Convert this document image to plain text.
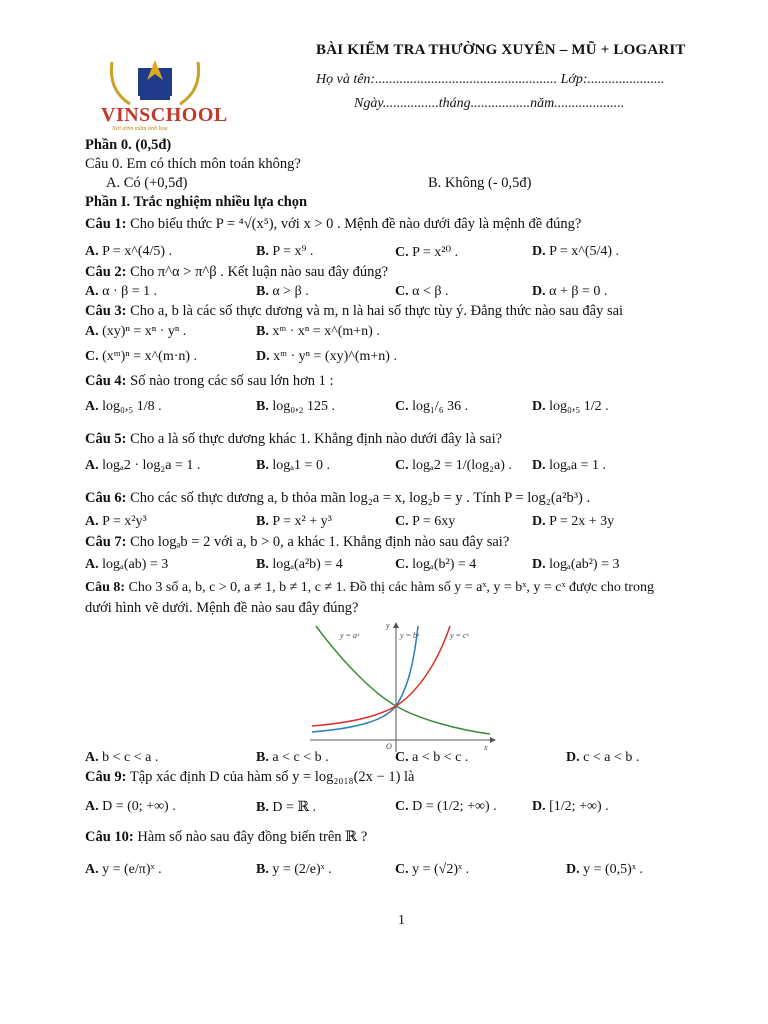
VINSCHOOL
Nơi ươm mầm tinh hoa
BÀI KIỂM TRA THƯỜNG XUYÊN – MŨ + LOGARIT
Họ và tên:.................................................... Lớp:......................
Ngày................tháng.................năm....................
Phần 0. (0,5đ)
Câu 0. Em có thích môn toán không?
A. Có (+0,5đ)	B. Không (- 0,5đ)
Phần I. Trắc nghiệm nhiều lựa chọn
Câu 1: Cho biểu thức P = ⁴√(x⁵), với x > 0 . Mệnh đề nào dưới đây là mệnh đề đúng?
A. P = x^(4/5) .	B. P = x⁹ .	C. P = x²⁰ .	D. P = x^(5/4) .
Câu 2: Cho π^α > π^β . Kết luận nào sau đây đúng?
A. α · β = 1 .	B. α > β .	C. α < β .	D. α + β = 0 .
Câu 3: Cho a, b là các số thực dương và m, n là hai số thực tùy ý. Đẳng thức nào sau đây sai
A. (xy)ⁿ = xⁿ · yⁿ .	B. xᵐ · xⁿ = x^(m+n) .
C. (xᵐ)ⁿ = x^(m·n) .	D. xᵐ · yⁿ = (xy)^(m+n) .
Câu 4: Số nào trong các số sau lớn hơn 1 :
A. log₀,₅ 1/8 .	B. log₀,₂ 125 .	C. log₁/₆ 36 .	D. log₀,₅ 1/2 .
Câu 5: Cho a là số thực dương khác 1. Khẳng định nào dưới đây là sai?
A. logₐ2 · log₂a = 1 .	B. logₐ1 = 0 .	C. logₐ2 = 1/(log₂a) . D. logₐa = 1 .
Câu 6: Cho các số thực dương a, b thỏa mãn log₂a = x, log₂b = y . Tính P = log₂(a²b³) .
A. P = x²y³	B. P = x² + y³	C. P = 6xy	D. P = 2x + 3y
Câu 7: Cho logₐb = 2 với a, b > 0, a khác 1. Khẳng định nào sau đây sai?
A. logₐ(ab) = 3	B. logₐ(a²b) = 4	C. logₐ(b²) = 4	D. logₐ(ab²) = 3
Câu 8: Cho 3 số a, b, c > 0, a ≠ 1, b ≠ 1, c ≠ 1. Đồ thị các hàm số y = aˣ, y = bˣ, y = cˣ được cho trong
dưới hình vẽ dưới. Mệnh đề nào sau đây đúng?
y = aˣ	y = bˣ	y = cˣ
y
x
O
A. b < c < a .	B. a < c < b .	C. a < b < c .	D. c < a < b .
Câu 9: Tập xác định D của hàm số y = log₂₀₁₈(2x − 1) là
A. D = (0; +∞) .	B. D = ℝ .	C. D = (1/2; +∞) .	D. [1/2; +∞) .
Câu 10: Hàm số nào sau đây đồng biến trên ℝ ?
A. y = (e/π)ˣ .	B. y = (2/e)ˣ .	C. y = (√2)ˣ .	D. y = (0,5)ˣ .
1
